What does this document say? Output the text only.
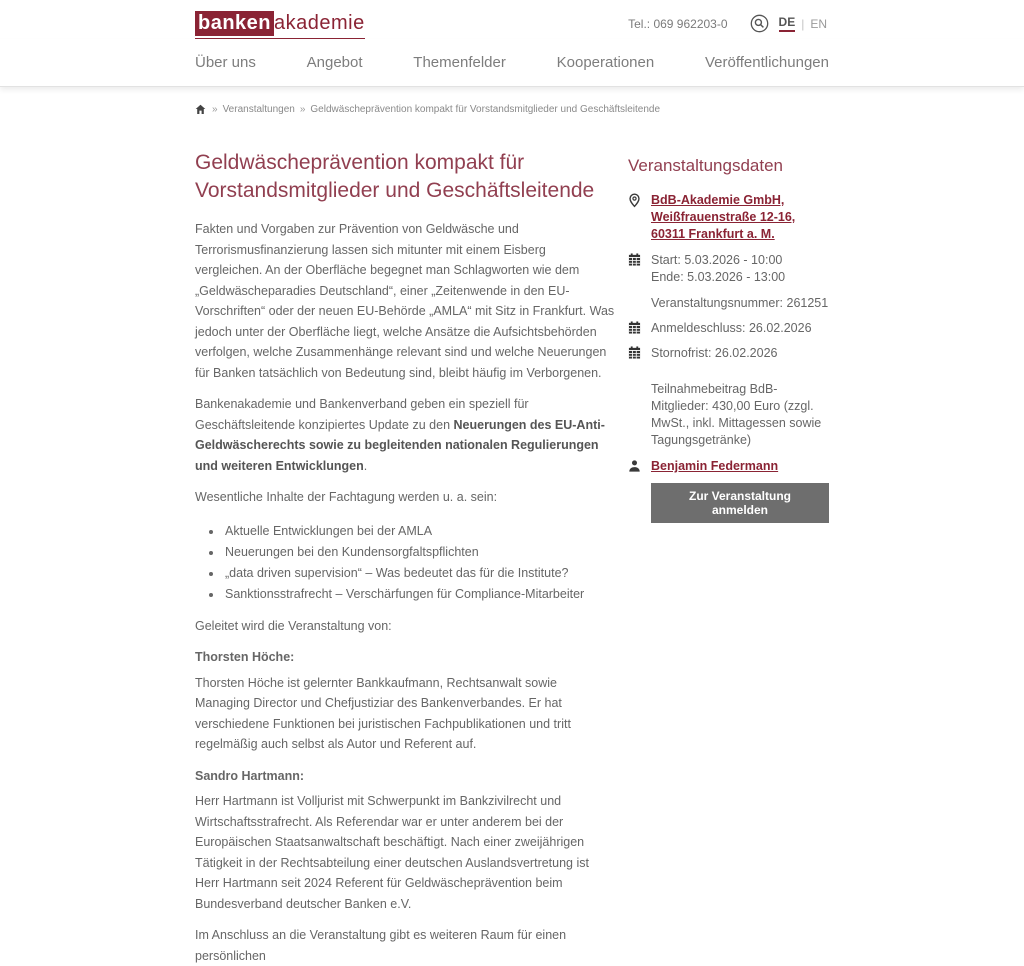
banken akademie	Tel.: 069 962203-0	DE | EN
Über uns	Angebot	Themenfelder	Kooperationen	Veröffentlichungen
» Veranstaltungen » Geldwäscheprävention kompakt für Vorstandsmitglieder und Geschäftsleitende
Geldwäscheprävention kompakt für Vorstandsmitglieder und Geschäftsleitende

Fakten und Vorgaben zur Prävention von Geldwäsche und Terrorismusfinanzierung lassen sich mitunter mit einem Eisberg vergleichen. An der Oberfläche begegnet man Schlagworten wie dem „Geldwäscheparadies Deutschland“, einer „Zeitenwende in den EU-Vorschriften“ oder der neuen EU-Behörde „AMLA“ mit Sitz in Frankfurt. Was jedoch unter der Oberfläche liegt, welche Ansätze die Aufsichtsbehörden verfolgen, welche Zusammenhänge relevant sind und welche Neuerungen für Banken tatsächlich von Bedeutung sind, bleibt häufig im Verborgenen.

Bankenakademie und Bankenverband geben ein speziell für Geschäftsleitende konzipiertes Update zu den Neuerungen des EU-Anti-Geldwäscherechts sowie zu begleitenden nationalen Regulierungen und weiteren Entwicklungen.

Wesentliche Inhalte der Fachtagung werden u. a. sein:

• Aktuelle Entwicklungen bei der AMLA
• Neuerungen bei den Kundensorgfaltspflichten
• „data driven supervision“ – Was bedeutet das für die Institute?
• Sanktionsstrafrecht – Verschärfungen für Compliance-Mitarbeiter

Geleitet wird die Veranstaltung von:

Thorsten Höche:

Thorsten Höche ist gelernter Bankkaufmann, Rechtsanwalt sowie Managing Director und Chefjustiziar des Bankenverbandes. Er hat verschiedene Funktionen bei juristischen Fachpublikationen und tritt regelmäßig auch selbst als Autor und Referent auf.

Sandro Hartmann:

Herr Hartmann ist Volljurist mit Schwerpunkt im Bankzivilrecht und Wirtschaftsstrafrecht. Als Referendar war er unter anderem bei der Europäischen Staatsanwaltschaft beschäftigt. Nach einer zweijährigen Tätigkeit in der Rechtsabteilung einer deutschen Auslandsvertretung ist Herr Hartmann seit 2024 Referent für Geldwäscheprävention beim Bundesverband deutscher Banken e.V.

Im Anschluss an die Veranstaltung gibt es weiteren Raum für einen persönlichen

Veranstaltungsdaten
BdB-Akademie GmbH, Weißfrauenstraße 12-16, 60311 Frankfurt a. M.
Start: 5.03.2026 - 10:00
Ende: 5.03.2026 - 13:00
Veranstaltungsnummer: 261251
Anmeldeschluss: 26.02.2026
Stornofrist: 26.02.2026
Teilnahmebeitrag BdB-Mitglieder: 430,00 Euro (zzgl. MwSt., inkl. Mittagessen sowie Tagungsgetränke)
Benjamin Federmann
Zur Veranstaltung anmelden
